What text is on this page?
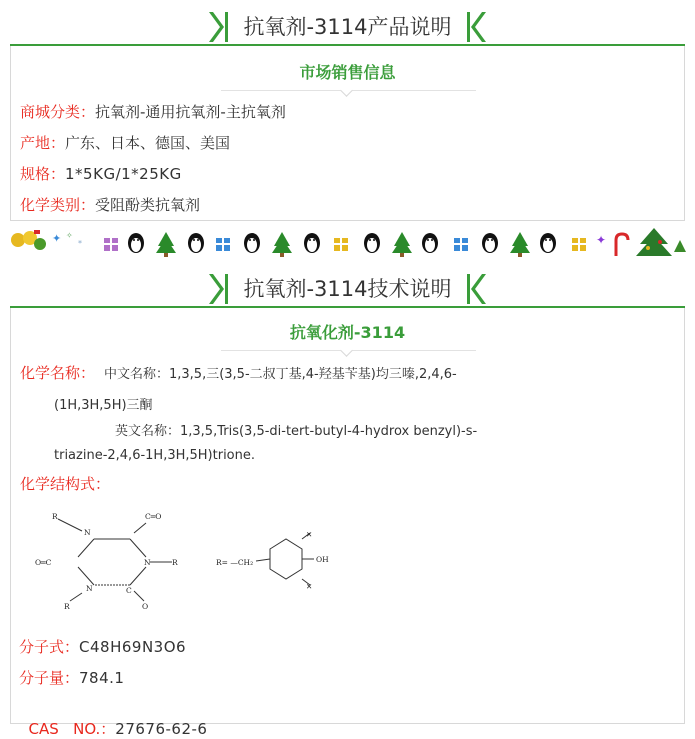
抗氧剂-3114产品说明
市场销售信息
商城分类：抗氧剂-通用抗氧剂-主抗氧剂
产地：广东、日本、德国、美国
规格：1*5KG/1*25KG
化学类别：受阻酚类抗氧剂
✦ ✧
*	✦
抗氧剂-3114技术说明
抗氧化剂-3114
化学名称： 中文名称：1,3,5,三(3,5-二叔丁基,4-羟基苄基)均三嗪,2,4,6-
(1H,3H,5H)三酮
英文名称：1,3,5,Tris(3,5-di-tert-butyl-4-hydrox benzyl)-s-
triazine-2,4,6-1H,3H,5H)trione.
化学结构式：
R
N
C═O
O═C	N	R
N	C
O
R
R= —CH₂
✕
✕
OH
分子式：C48H69N3O6
分子量：784.1

CAS   NO.：27676-62-6
